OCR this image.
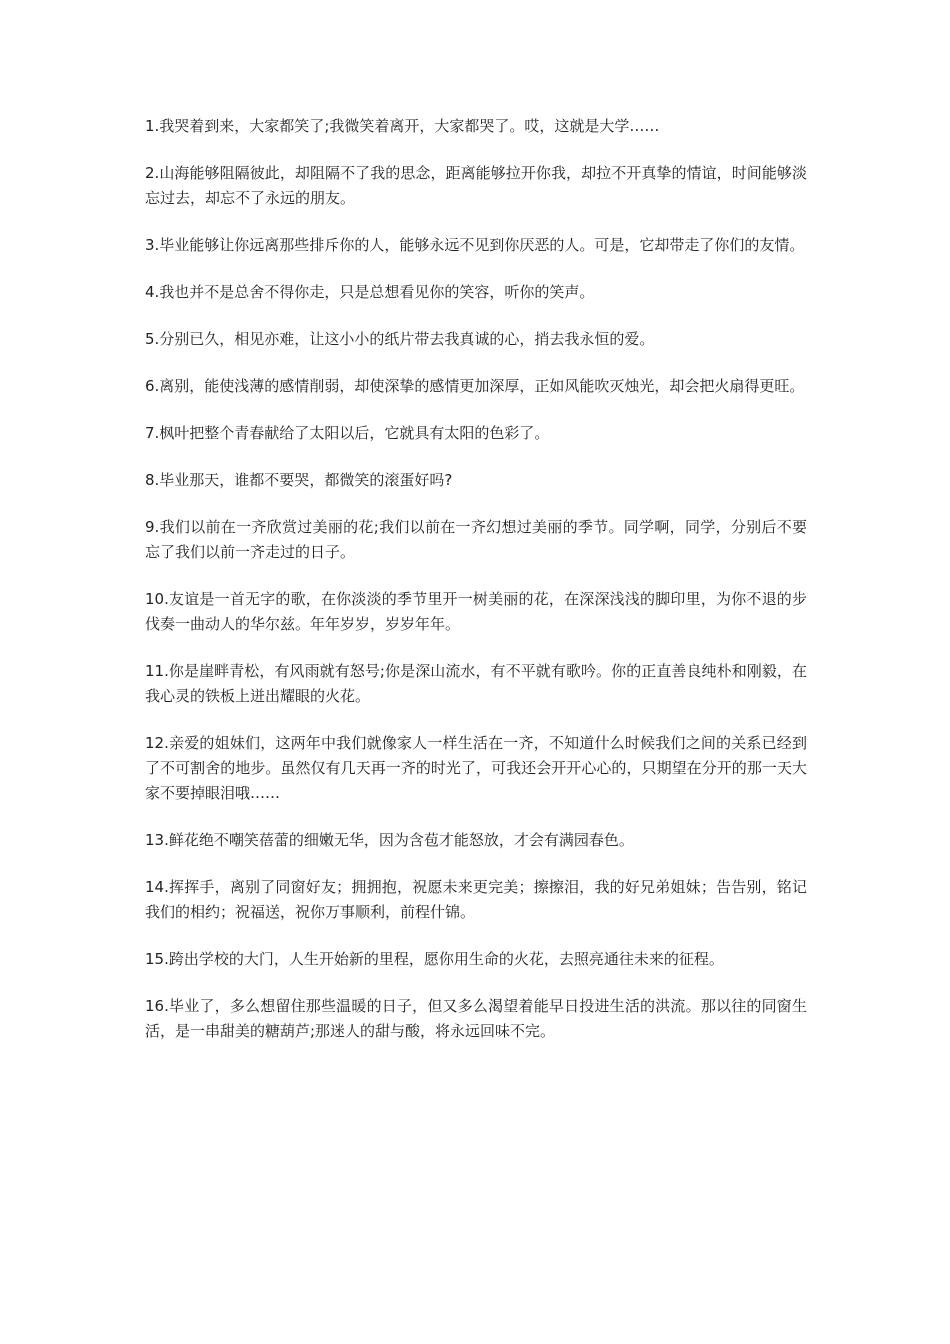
1.我哭着到来，大家都笑了;我微笑着离开，大家都哭了。哎，这就是大学……

2.山海能够阻隔彼此，却阻隔不了我的思念，距离能够拉开你我，却拉不开真挚的情谊，时间能够淡忘过去，却忘不了永远的朋友。

3.毕业能够让你远离那些排斥你的人，能够永远不见到你厌恶的人。可是，它却带走了你们的友情。

4.我也并不是总舍不得你走，只是总想看见你的笑容，听你的笑声。

5.分别已久，相见亦难，让这小小的纸片带去我真诚的心，捎去我永恒的爱。

6.离别，能使浅薄的感情削弱，却使深挚的感情更加深厚，正如风能吹灭烛光，却会把火扇得更旺。

7.枫叶把整个青春献给了太阳以后，它就具有太阳的色彩了。

8.毕业那天，谁都不要哭，都微笑的滚蛋好吗?

9.我们以前在一齐欣赏过美丽的花;我们以前在一齐幻想过美丽的季节。同学啊，同学，分别后不要忘了我们以前一齐走过的日子。

10.友谊是一首无字的歌，在你淡淡的季节里开一树美丽的花，在深深浅浅的脚印里，为你不退的步伐奏一曲动人的华尔兹。年年岁岁，岁岁年年。

11.你是崖畔青松，有风雨就有怒号;你是深山流水，有不平就有歌吟。你的正直善良纯朴和刚毅，在我心灵的铁板上迸出耀眼的火花。

12.亲爱的姐妹们，这两年中我们就像家人一样生活在一齐，不知道什么时候我们之间的关系已经到了不可割舍的地步。虽然仅有几天再一齐的时光了，可我还会开开心心的，只期望在分开的那一天大家不要掉眼泪哦……

13.鲜花绝不嘲笑蓓蕾的细嫩无华，因为含苞才能怒放，才会有满园春色。

14.挥挥手，离别了同窗好友；拥拥抱，祝愿未来更完美；擦擦泪，我的好兄弟姐妹；告告别，铭记我们的相约；祝福送，祝你万事顺利，前程什锦。

15.跨出学校的大门，人生开始新的里程，愿你用生命的火花，去照亮通往未来的征程。

16.毕业了，多么想留住那些温暖的日子，但又多么渴望着能早日投进生活的洪流。那以往的同窗生活，是一串甜美的糖葫芦;那迷人的甜与酸，将永远回味不完。
